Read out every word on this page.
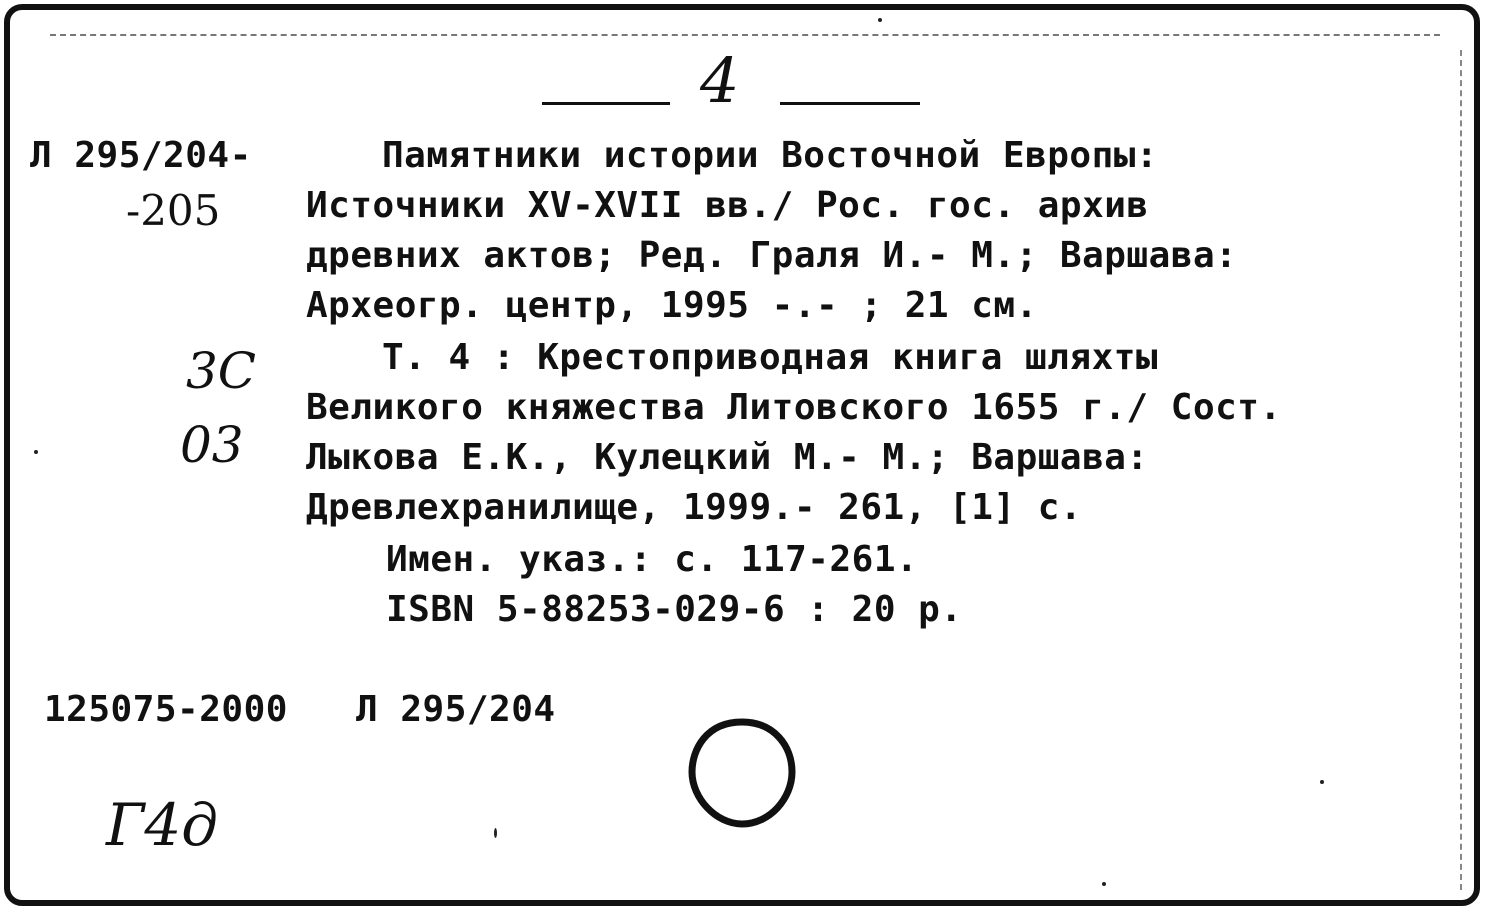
4
Л 295/204-
-205
Памятники истории Восточной Европы:
Источники XV-XVII вв./ Рос. гос. архив
древних актов; Ред. Граля И.- М.; Варшава:
Археогр. центр, 1995 -.- ; 21 см.
Т. 4 : Крестоприводная книга шляхты
Великого княжества Литовского 1655 г./ Сост.
Лыкова Е.К., Кулецкий М.- М.; Варшава:
Древлехранилище, 1999.- 261, [1] с.
Имен. указ.: с. 117-261.
ISBN 5-88253-029-6 : 20 р.
3С
03
125075-2000 Л 295/204
Г4д
